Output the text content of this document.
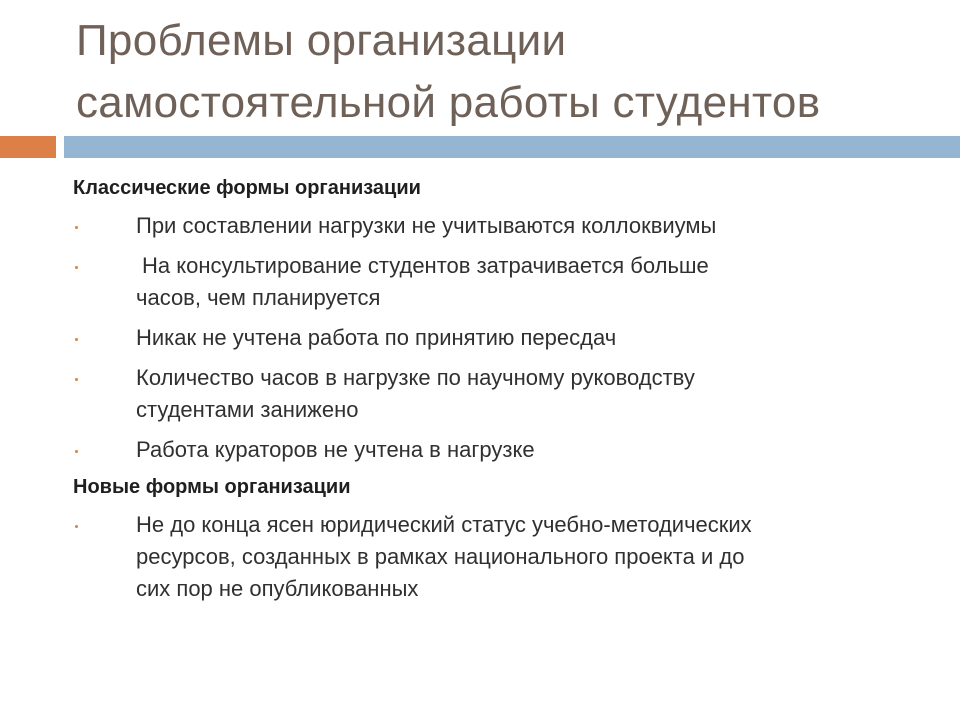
Проблемы организации
самостоятельной работы студентов

Классические формы организации

При составлении нагрузки не учитываются коллоквиумы
На консультирование студентов затрачивается больше
часов, чем планируется
Никак не учтена работа по принятию пересдач
Количество часов в нагрузке по научному руководству
студентами занижено
Работа кураторов не учтена в нагрузке

Новые формы организации

Не до конца ясен юридический статус учебно-методических
ресурсов, созданных в рамках национального проекта и до
сих пор не опубликованных
